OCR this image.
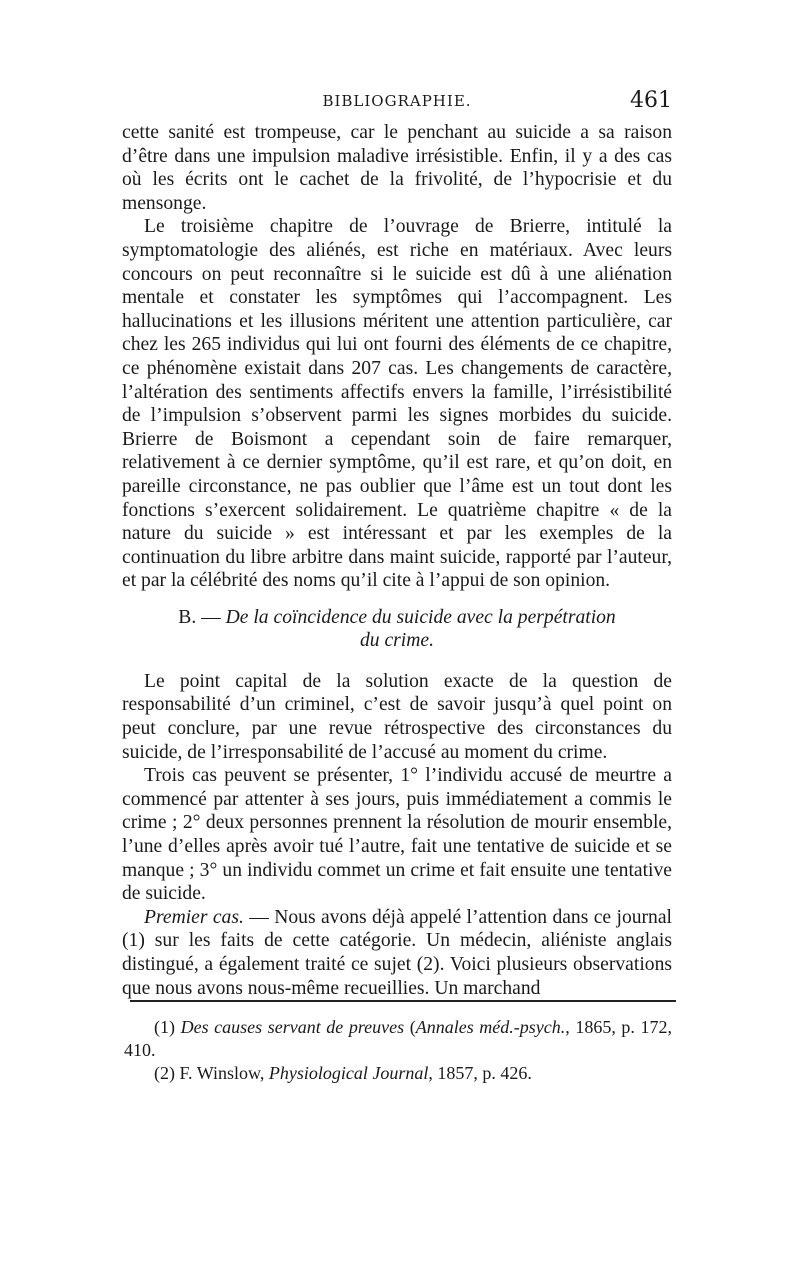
BIBLIOGRAPHIE.	461

cette sanité est trompeuse, car le penchant au suicide a sa raison d’être dans une impulsion maladive irrésistible. Enfin, il y a des cas où les écrits ont le cachet de la frivolité, de l’hypocrisie et du mensonge.

Le troisième chapitre de l’ouvrage de Brierre, intitulé la symptomatologie des aliénés, est riche en matériaux. Avec leurs concours on peut reconnaître si le suicide est dû à une aliénation mentale et constater les symptômes qui l’accompagnent. Les hallucinations et les illusions méritent une attention particulière, car chez les 265 individus qui lui ont fourni des éléments de ce chapitre, ce phénomène existait dans 207 cas. Les changements de caractère, l’altération des sentiments affectifs envers la famille, l’irrésistibilité de l’impulsion s’observent parmi les signes morbides du suicide. Brierre de Boismont a cependant soin de faire remarquer, relativement à ce dernier symptôme, qu’il est rare, et qu’on doit, en pareille circonstance, ne pas oublier que l’âme est un tout dont les fonctions s’exercent solidairement. Le quatrième chapitre « de la nature du suicide » est intéressant et par les exemples de la continuation du libre arbitre dans maint suicide, rapporté par l’auteur, et par la célébrité des noms qu’il cite à l’appui de son opinion.

B. — De la coïncidence du suicide avec la perpétration
du crime.

Le point capital de la solution exacte de la question de responsabilité d’un criminel, c’est de savoir jusqu’à quel point on peut conclure, par une revue rétrospective des circonstances du suicide, de l’irresponsabilité de l’accusé au moment du crime.

Trois cas peuvent se présenter, 1° l’individu accusé de meurtre a commencé par attenter à ses jours, puis immédiatement a commis le crime ; 2° deux personnes prennent la résolution de mourir ensemble, l’une d’elles après avoir tué l’autre, fait une tentative de suicide et se manque ; 3° un individu commet un crime et fait ensuite une tentative de suicide.

Premier cas. — Nous avons déjà appelé l’attention dans ce journal (1) sur les faits de cette catégorie. Un médecin, aliéniste anglais distingué, a également traité ce sujet (2). Voici plusieurs observations que nous avons nous-même recueillies. Un marchand

(1) Des causes servant de preuves (Annales méd.-psych., 1865, p. 172, 410.

(2) F. Winslow, Physiological Journal, 1857, p. 426.
